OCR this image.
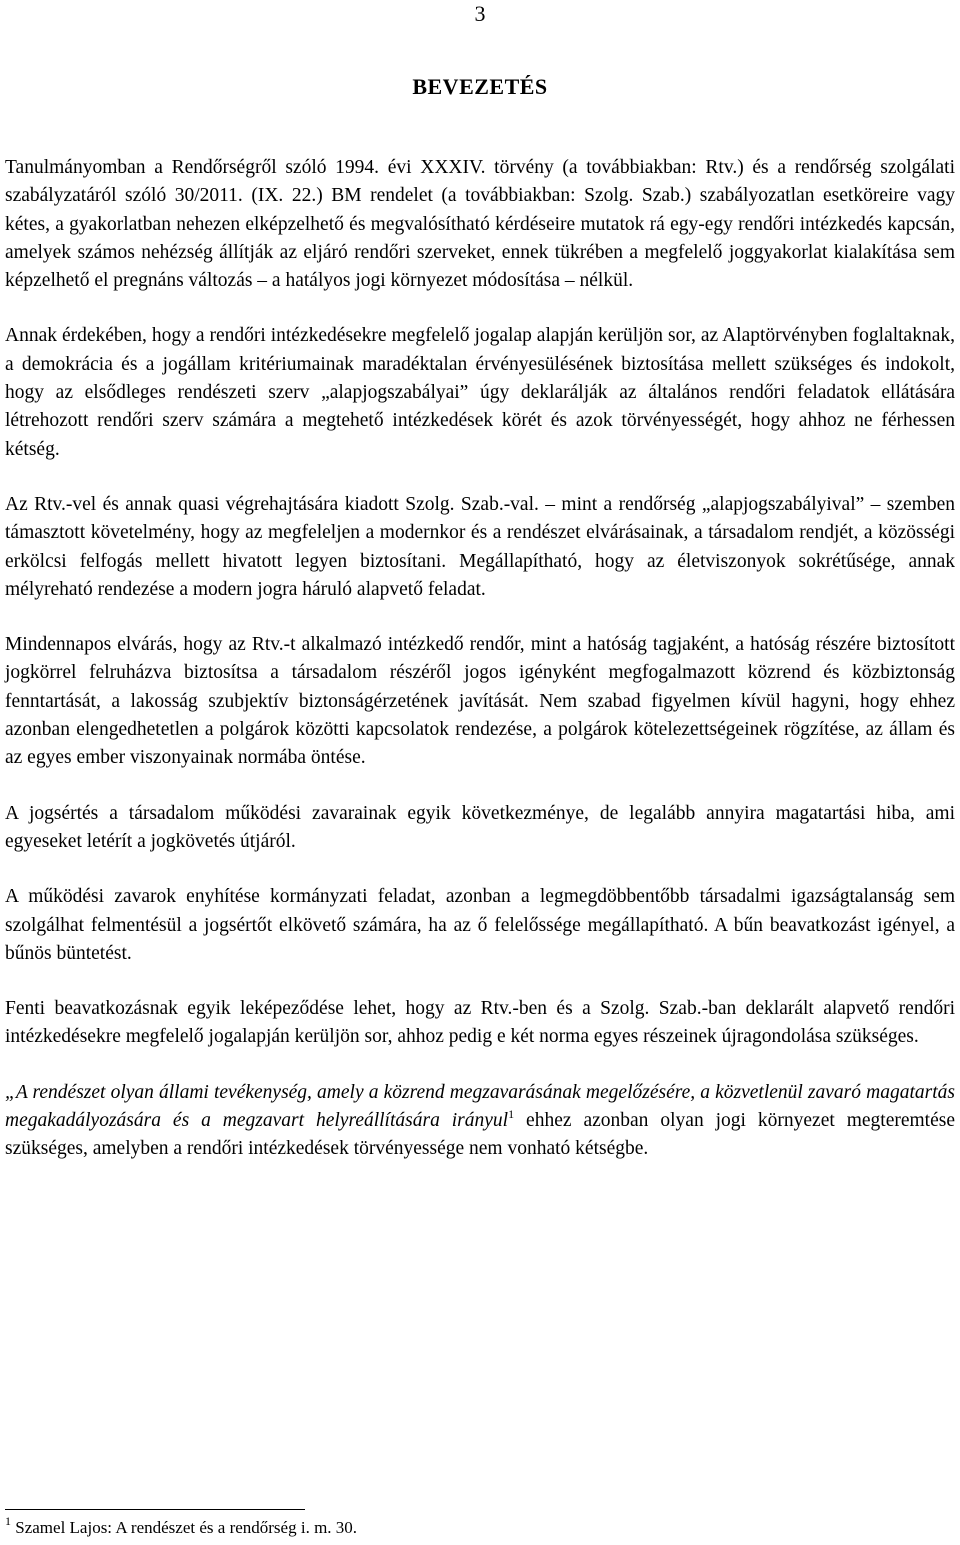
3
BEVEZETÉS

Tanulmányomban a Rendőrségről szóló 1994. évi XXXIV. törvény (a továbbiakban: Rtv.) és a rendőrség szolgálati szabályzatáról szóló 30/2011. (IX. 22.) BM rendelet (a továbbiakban: Szolg. Szab.) szabályozatlan esetköreire vagy kétes, a gyakorlatban nehezen elképzelhető és megvalósítható kérdéseire mutatok rá egy-egy rendőri intézkedés kapcsán, amelyek számos nehézség állítják az eljáró rendőri szerveket, ennek tükrében a megfelelő joggyakorlat kialakítása sem képzelhető el pregnáns változás – a hatályos jogi környezet módosítása – nélkül.

Annak érdekében, hogy a rendőri intézkedésekre megfelelő jogalap alapján kerüljön sor, az Alaptörvényben foglaltaknak, a demokrácia és a jogállam kritériumainak maradéktalan érvényesülésének biztosítása mellett szükséges és indokolt, hogy az elsődleges rendészeti szerv „alapjogszabályai” úgy deklarálják az általános rendőri feladatok ellátására létrehozott rendőri szerv számára a megtehető intézkedések körét és azok törvényességét, hogy ahhoz ne férhessen kétség.

Az Rtv.-vel és annak quasi végrehajtására kiadott Szolg. Szab.-val. – mint a rendőrség „alapjogszabályival” – szemben támasztott követelmény, hogy az megfeleljen a modernkor és a rendészet elvárásainak, a társadalom rendjét, a közösségi erkölcsi felfogás mellett hivatott legyen biztosítani. Megállapítható, hogy az életviszonyok sokrétűsége, annak mélyreható rendezése a modern jogra háruló alapvető feladat.

Mindennapos elvárás, hogy az Rtv.-t alkalmazó intézkedő rendőr, mint a hatóság tagjaként, a hatóság részére biztosított jogkörrel felruházva biztosítsa a társadalom részéről jogos igényként megfogalmazott közrend és közbiztonság fenntartását, a lakosság szubjektív biztonságérzetének javítását. Nem szabad figyelmen kívül hagyni, hogy ehhez azonban elengedhetetlen a polgárok közötti kapcsolatok rendezése, a polgárok kötelezettségeinek rögzítése, az állam és az egyes ember viszonyainak normába öntése.

A jogsértés a társadalom működési zavarainak egyik következménye, de legalább annyira magatartási hiba, ami egyeseket letérít a jogkövetés útjáról.

A működési zavarok enyhítése kormányzati feladat, azonban a legmegdöbbentőbb társadalmi igazságtalanság sem szolgálhat felmentésül a jogsértőt elkövető számára, ha az ő felelőssége megállapítható. A bűn beavatkozást igényel, a bűnös büntetést.

Fenti beavatkozásnak egyik leképeződése lehet, hogy az Rtv.-ben és a Szolg. Szab.-ban deklarált alapvető rendőri intézkedésekre megfelelő jogalapján kerüljön sor, ahhoz pedig e két norma egyes részeinek újragondolása szükséges.

„A rendészet olyan állami tevékenység, amely a közrend megzavarásának megelőzésére, a közvetlenül zavaró magatartás megakadályozására és a megzavart helyreállítására irányul$^1$ ehhez azonban olyan jogi környezet megteremtése szükséges, amelyben a rendőri intézkedések törvényessége nem vonható kétségbe.

$^1$ Szamel Lajos: A rendészet és a rendőrség i. m. 30.
